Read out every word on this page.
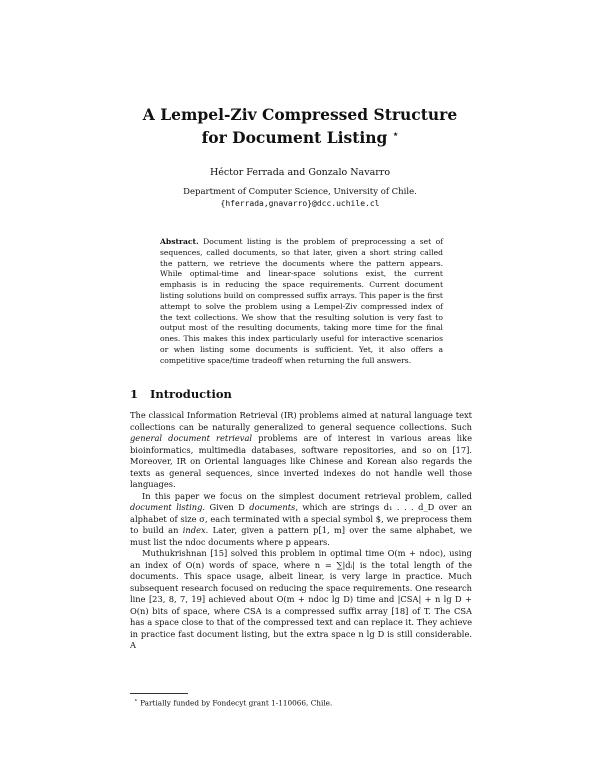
A Lempel-Ziv Compressed Structure
for Document Listing ⋆
Héctor Ferrada and Gonzalo Navarro
Department of Computer Science, University of Chile.
{hferrada,gnavarro}@dcc.uchile.cl
Abstract. Document listing is the problem of preprocessing a set of sequences, called documents, so that later, given a short string called the pattern, we retrieve the documents where the pattern appears. While optimal-time and linear-space solutions exist, the current emphasis is in reducing the space requirements. Current document listing solutions build on compressed suffix arrays. This paper is the first attempt to solve the problem using a Lempel-Ziv compressed index of the text collections. We show that the resulting solution is very fast to output most of the resulting documents, taking more time for the final ones. This makes this index particularly useful for interactive scenarios or when listing some documents is sufficient. Yet, it also offers a competitive space/time tradeoff when returning the full answers.
1 Introduction

The classical Information Retrieval (IR) problems aimed at natural language text collections can be naturally generalized to general sequence collections. Such general document retrieval problems are of interest in various areas like bioinformatics, multimedia databases, software repositories, and so on [17]. Moreover, IR on Oriental languages like Chinese and Korean also regards the texts as general sequences, since inverted indexes do not handle well those languages.

In this paper we focus on the simplest document retrieval problem, called document listing. Given D documents, which are strings d₁ . . . d_D over an alphabet of size σ, each terminated with a special symbol $, we preprocess them to build an index. Later, given a pattern p[1, m] over the same alphabet, we must list the ndoc documents where p appears.

Muthukrishnan [15] solved this problem in optimal time O(m + ndoc), using an index of O(n) words of space, where n = ∑|dᵢ| is the total length of the documents. This space usage, albeit linear, is very large in practice. Much subsequent research focused on reducing the space requirements. One research line [23, 8, 7, 19] achieved about O(m + ndoc lg D) time and |CSA| + n lg D + O(n) bits of space, where CSA is a compressed suffix array [18] of T. The CSA has a space close to that of the compressed text and can replace it. They achieve in practice fast document listing, but the extra space n lg D is still considerable. A

⋆ Partially funded by Fondecyt grant 1-110066, Chile.
